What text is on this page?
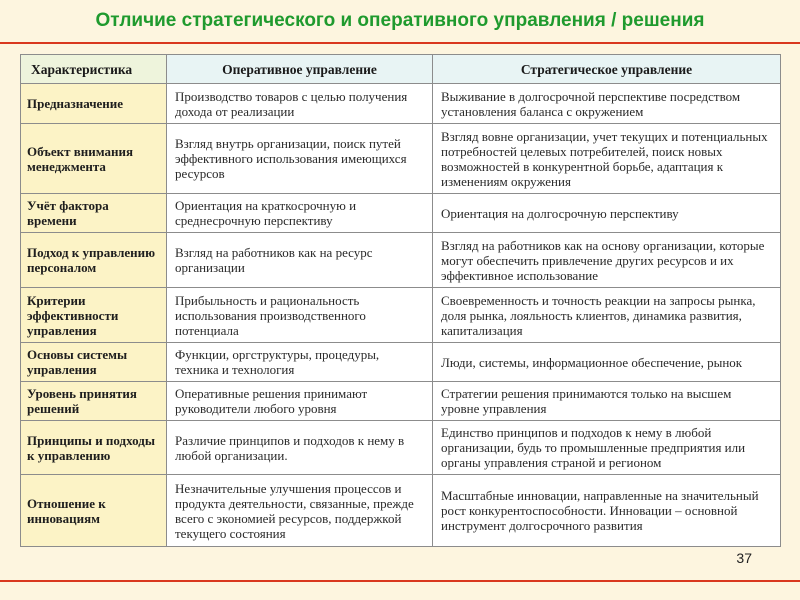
Отличие стратегического и оперативного управления / решения
Характеристика	Оперативное управление	Стратегическое управление
Предназначение	Производство товаров с целью получения дохода от реализации	Выживание в долгосрочной перспективе посредством установления баланса с окружением
Объект внимания менеджмента	Взгляд внутрь организации, поиск путей эффективного использования имеющихся ресурсов	Взгляд вовне организации, учет текущих и потенциальных потребностей целевых потребителей, поиск новых возможностей в конкурентной борьбе, адаптация к изменениям окружения
Учёт фактора времени	Ориентация на краткосрочную и среднесрочную перспективу	Ориентация на долгосрочную перспективу
Подход к управлению персоналом	Взгляд на работников как на ресурс организации	Взгляд на работников как на основу организации, которые могут обеспечить привлечение других ресурсов и их эффективное использование
Критерии эффективности управления	Прибыльность и рациональность использования производственного потенциала	Своевременность и точность реакции на запросы рынка, доля рынка, лояльность клиентов, динамика развития, капитализация
Основы системы управления	Функции, оргструктуры, процедуры, техника и технология	Люди, системы, информационное обеспечение, рынок
Уровень принятия решений	Оперативные решения принимают руководители любого уровня	Стратегии решения принимаются только на высшем уровне управления
Принципы и подходы к управлению	Различие принципов и подходов к нему в любой организации.	Единство принципов и подходов к нему в любой организации, будь то промышленные предприятия или органы управления страной и регионом
Отношение к инновациям	Незначительные улучшения процессов и продукта деятельности, связанные, прежде всего с экономией ресурсов, поддержкой текущего состояния	Масштабные инновации, направленные на значительный рост конкурентоспособности. Инновации – основной инструмент долгосрочного развития
37
